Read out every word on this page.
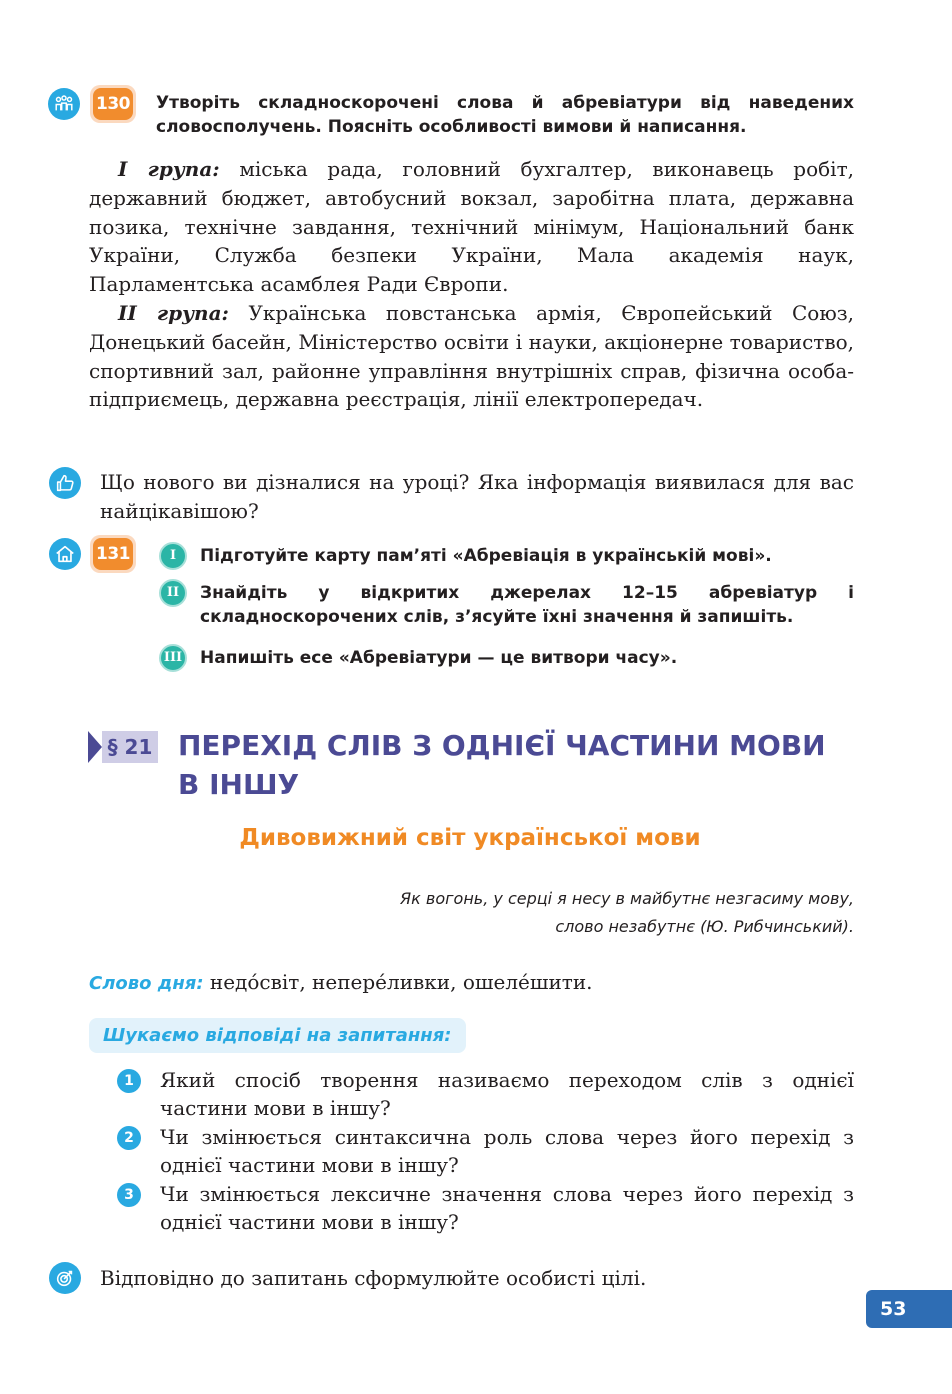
130 Утворіть складноскорочені слова й абревіатури від наведених словосполучень. Поясніть особливості вимови й написання.
I група: міська рада, головний бухгалтер, виконавець робіт, державний бюджет, автобусний вокзал, заробітна плата, державна позика, технічне завдання, технічний мінімум, Національний банк України, Служба безпеки України, Мала академія наук, Парламентська асамблея Ради Європи.
II група: Українська повстанська армія, Європейський Союз, Донецький басейн, Міністерство освіти і науки, акціонерне товариство, спортивний зал, районне управління внутрішніх справ, фізична особа-підприємець, державна реєстрація, лінії електропередач.
Що нового ви дізналися на уроці? Яка інформація виявилася для вас найцікавішою?
131	I	Підготуйте карту пам’яті «Абревіація в українській мові».
II	Знайдіть у відкритих джерелах 12–15 абревіатур і складноскорочених слів, з’ясуйте їхні значення й запишіть.
III Напишіть есе «Абревіатури — це витвори часу».
§ 21 ПЕРЕХІД СЛІВ З ОДНІЄЇ ЧАСТИНИ МОВИ
В ІНШУ
Дивовижний світ української мови
Як вогонь, у серці я несу в майбутнє незгасиму мову,
слово незабутнє (Ю. Рибчинський).
Слово дня: недо́світ, непере́ливки, ошеле́шити.
Шукаємо відповіді на запитання:
1	Який спосіб творення називаємо переходом слів з однієї частини мови в іншу?
2	Чи змінюється синтаксична роль слова через його перехід з однієї частини мови в іншу?
3	Чи змінюється лексичне значення слова через його перехід з однієї частини мови в іншу?
Відповідно до запитань сформулюйте особисті цілі.
53
